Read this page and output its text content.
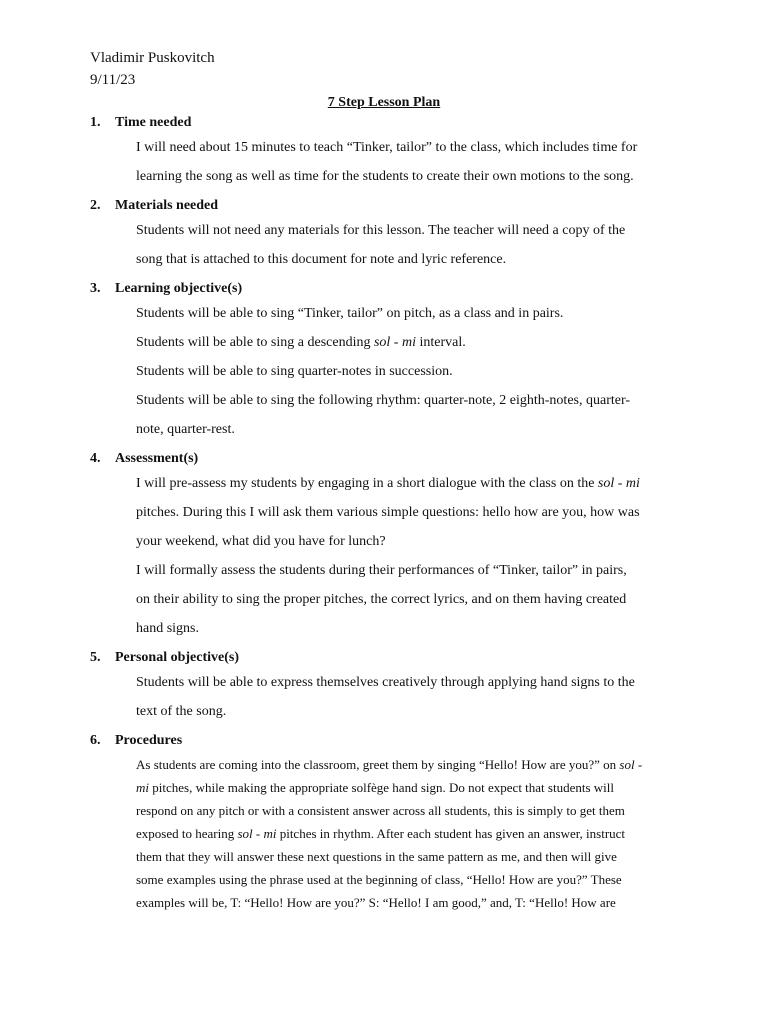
Vladimir Puskovitch
9/11/23
7 Step Lesson Plan
1. Time needed
I will need about 15 minutes to teach “Tinker, tailor” to the class, which includes time for
learning the song as well as time for the students to create their own motions to the song.
2. Materials needed
Students will not need any materials for this lesson. The teacher will need a copy of the
song that is attached to this document for note and lyric reference.
3. Learning objective(s)
Students will be able to sing “Tinker, tailor” on pitch, as a class and in pairs.
Students will be able to sing a descending sol - mi interval.
Students will be able to sing quarter-notes in succession.
Students will be able to sing the following rhythm: quarter-note, 2 eighth-notes, quarter-
note, quarter-rest.
4. Assessment(s)
I will pre-assess my students by engaging in a short dialogue with the class on the sol - mi
pitches. During this I will ask them various simple questions: hello how are you, how was
your weekend, what did you have for lunch?
I will formally assess the students during their performances of “Tinker, tailor” in pairs,
on their ability to sing the proper pitches, the correct lyrics, and on them having created
hand signs.
5. Personal objective(s)
Students will be able to express themselves creatively through applying hand signs to the
text of the song.
6. Procedures
As students are coming into the classroom, greet them by singing “Hello! How are you?” on sol -
mi pitches, while making the appropriate solfège hand sign. Do not expect that students will
respond on any pitch or with a consistent answer across all students, this is simply to get them
exposed to hearing sol - mi pitches in rhythm. After each student has given an answer, instruct
them that they will answer these next questions in the same pattern as me, and then will give
some examples using the phrase used at the beginning of class, “Hello! How are you?” These
examples will be, T: “Hello! How are you?” S: “Hello! I am good,” and, T: “Hello! How are
